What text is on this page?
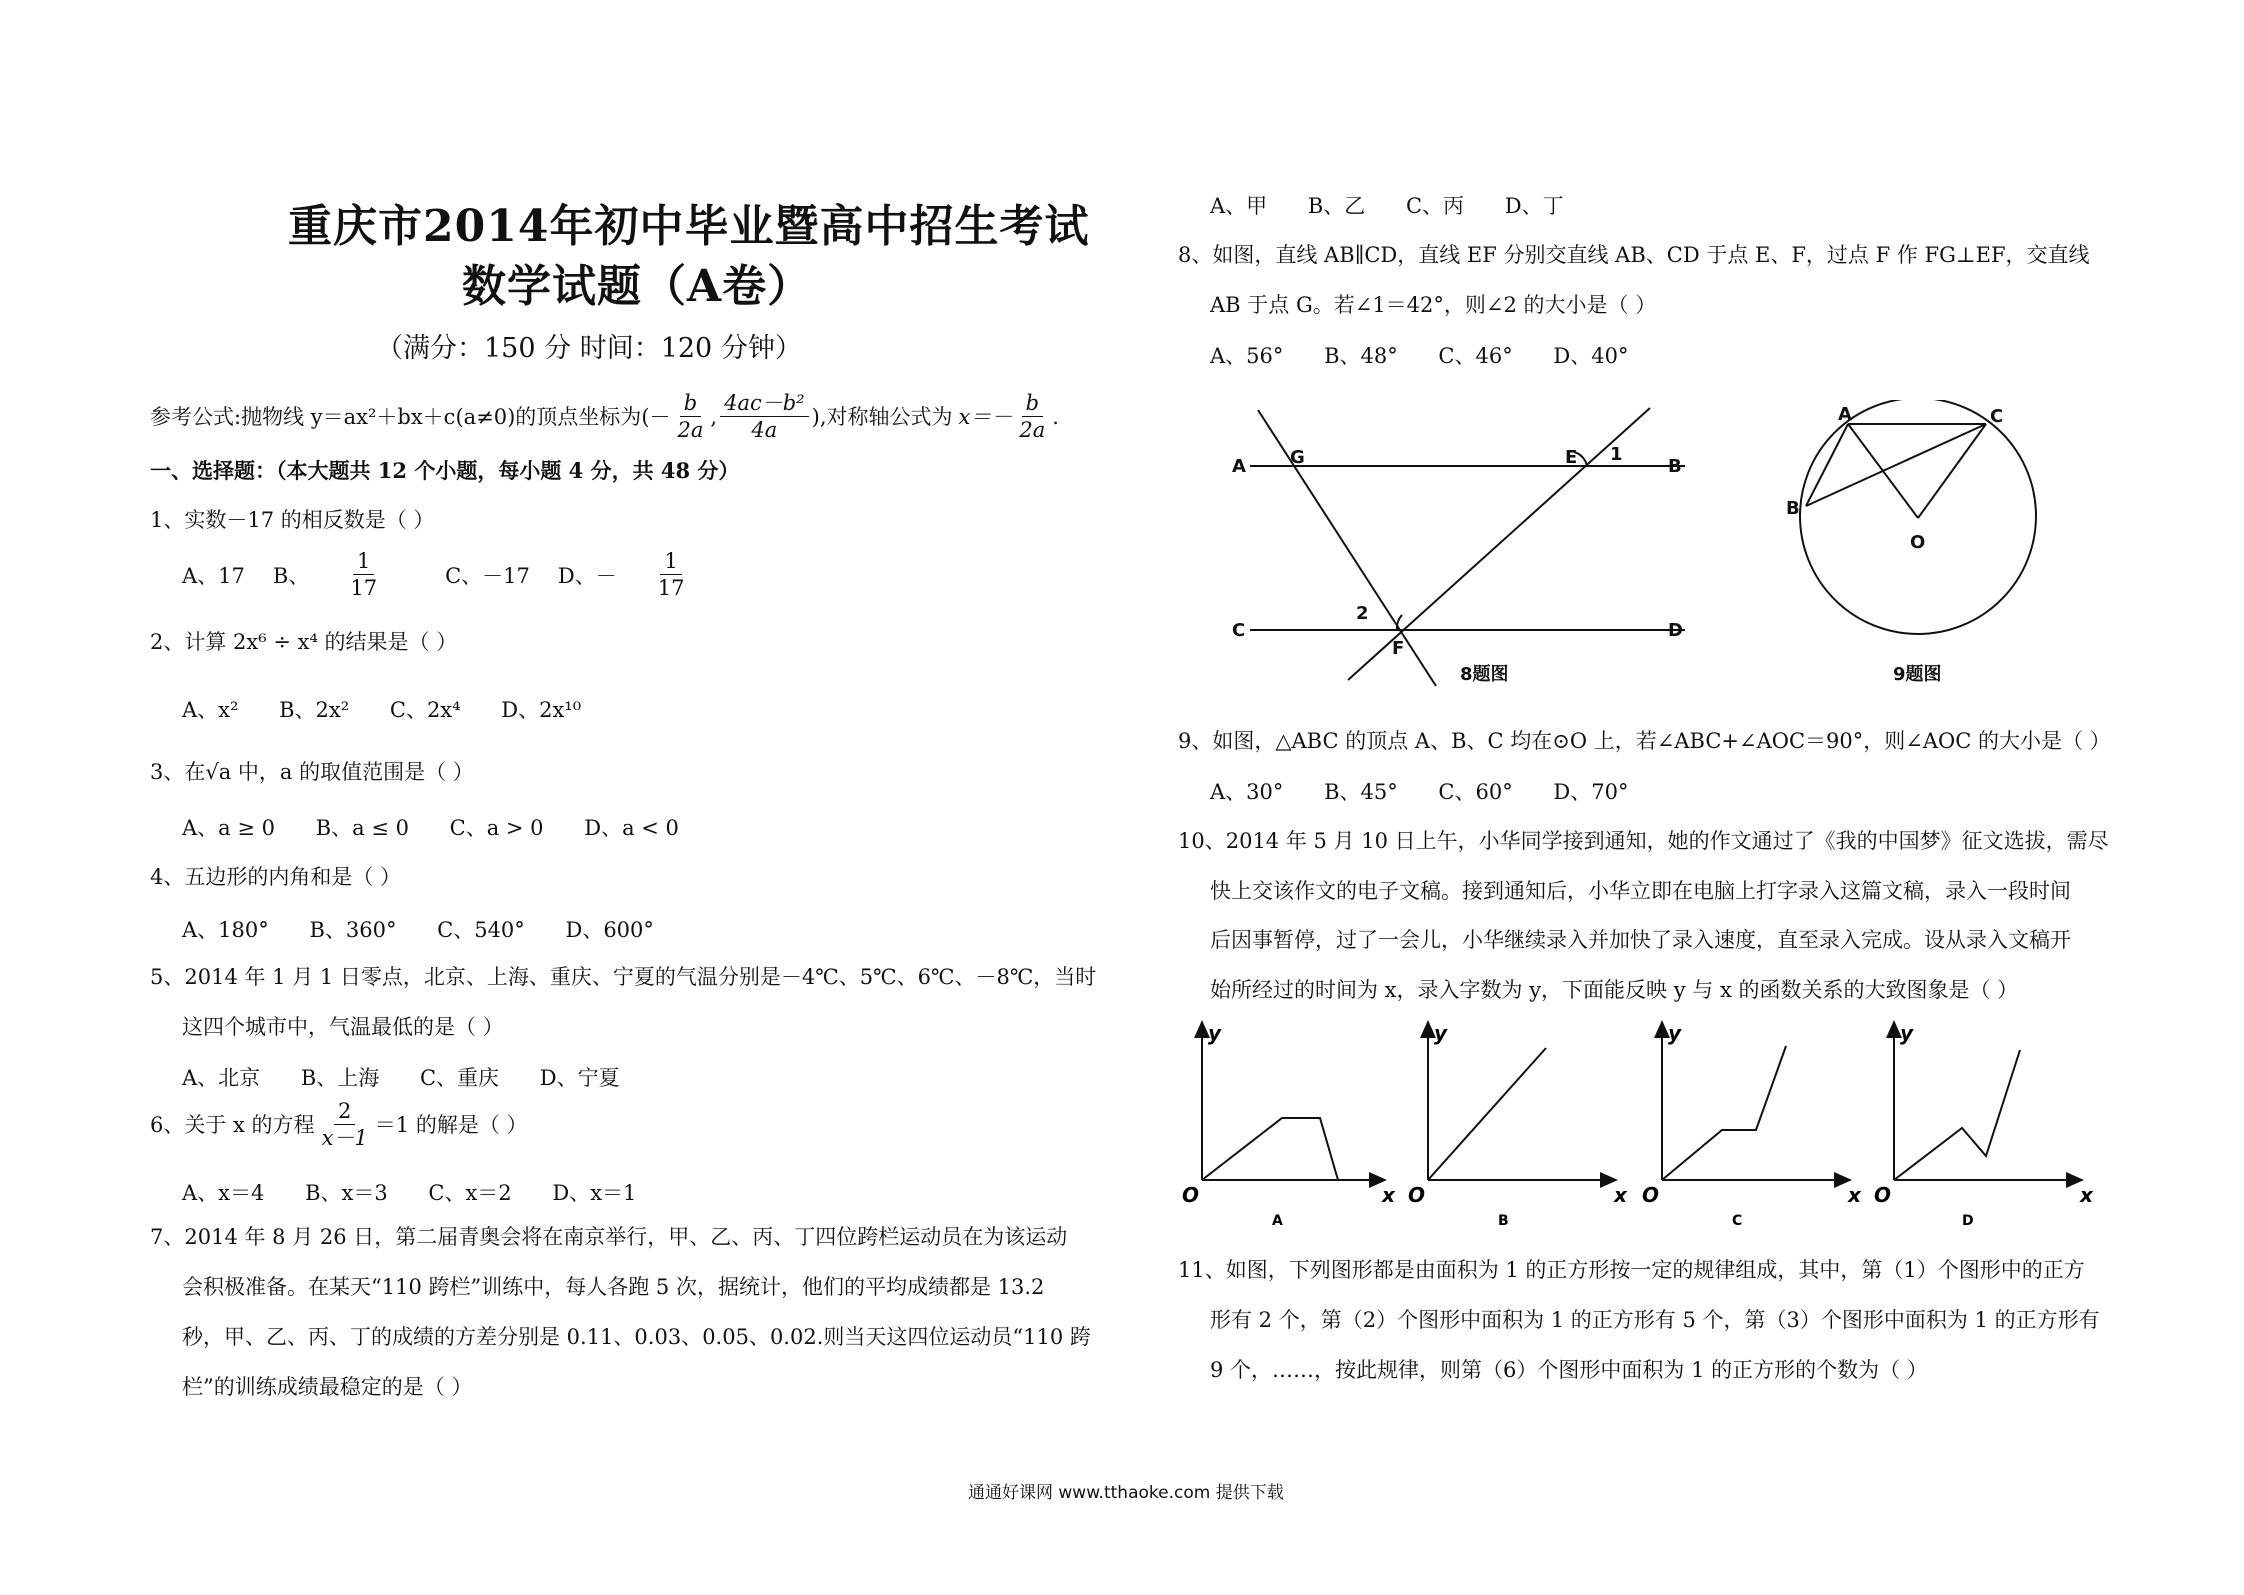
重庆市2014年初中毕业暨高中招生考试
数学试题（A卷）
（满分：150 分 时间：120 分钟）
参考公式:抛物线 y＝ax²＋bx＋c(a≠0)的顶点坐标为 (－ $\frac{b}{2a}$ , $\frac{\text{4ac－b²}}{4a}$ ) ,对称轴公式为 $x=- \frac{b}{2a}$ .
一、选择题：（本大题共 12 个小题，每小题 4 分，共 48 分）
1、实数－17 的相反数是（ ）
A、17 B、 $\frac{1}{17}$ C、－17 D、－ $\frac{1}{17}$
2、计算 2x⁶ ÷ x⁴ 的结果是（ ）
A、x² B、2x² C、2x⁴ D、2x¹⁰
3、在√a 中，a 的取值范围是（ ）
A、a ≥ 0 B、a ≤ 0 C、a > 0 D、a < 0
4、五边形的内角和是（ ）
A、180° B、360° C、540° D、600°
5、2014 年 1 月 1 日零点，北京、上海、重庆、宁夏的气温分别是－4℃、5℃、6℃、－8℃，当时
这四个城市中，气温最低的是（ ）
A、北京 B、上海 C、重庆 D、宁夏
6、关于 x 的方程 $\frac{2}{x-1} =1$ 的解是（ ）
A、x＝4 B、x＝3 C、x＝2 D、x＝1
7、2014 年 8 月 26 日，第二届青奥会将在南京举行，甲、乙、丙、丁四位跨栏运动员在为该运动
会积极准备。在某天“110 跨栏”训练中，每人各跑 5 次，据统计，他们的平均成绩都是 13.2
秒，甲、乙、丙、丁的成绩的方差分别是 0.11、0.03、0.05、0.02.则当天这四位运动员“110 跨
栏”的训练成绩最稳定的是（ ）
A、甲 B、乙 C、丙 D、丁
8、如图，直线 AB∥CD，直线 EF 分别交直线 AB、CD 于点 E、F，过点 F 作 FG⊥EF，交直线
AB 于点 G。若∠1＝42°，则∠2 的大小是（ ）
A、56° B、48° C、46° D、40°
A G	E 1
B
C
2
F
D
8题图
A	C
B
O
9题图
9、如图，△ABC 的顶点 A、B、C 均在⊙O 上，若∠ABC+∠AOC＝90°，则∠AOC 的大小是（ ）
A、30° B、45° C、60° D、70°
10、2014 年 5 月 10 日上午，小华同学接到通知，她的作文通过了《我的中国梦》征文选拔，需尽
快上交该作文的电子文稿。接到通知后，小华立即在电脑上打字录入这篇文稿，录入一段时间
后因事暂停，过了一会儿，小华继续录入并加快了录入速度，直至录入完成。设从录入文稿开
始所经过的时间为 x，录入字数为 y，下面能反映 y 与 x 的函数关系的大致图象是（ ）
y
x
O
A
y
x
O
B
y
x
O
C
y
x
O
D
11、如图，下列图形都是由面积为 1 的正方形按一定的规律组成，其中，第（1）个图形中的正方
形有 2 个，第（2）个图形中面积为 1 的正方形有 5 个，第（3）个图形中面积为 1 的正方形有
9 个，……，按此规律，则第（6）个图形中面积为 1 的正方形的个数为（ ）
通通好课网 www.tthaoke.com 提供下载
